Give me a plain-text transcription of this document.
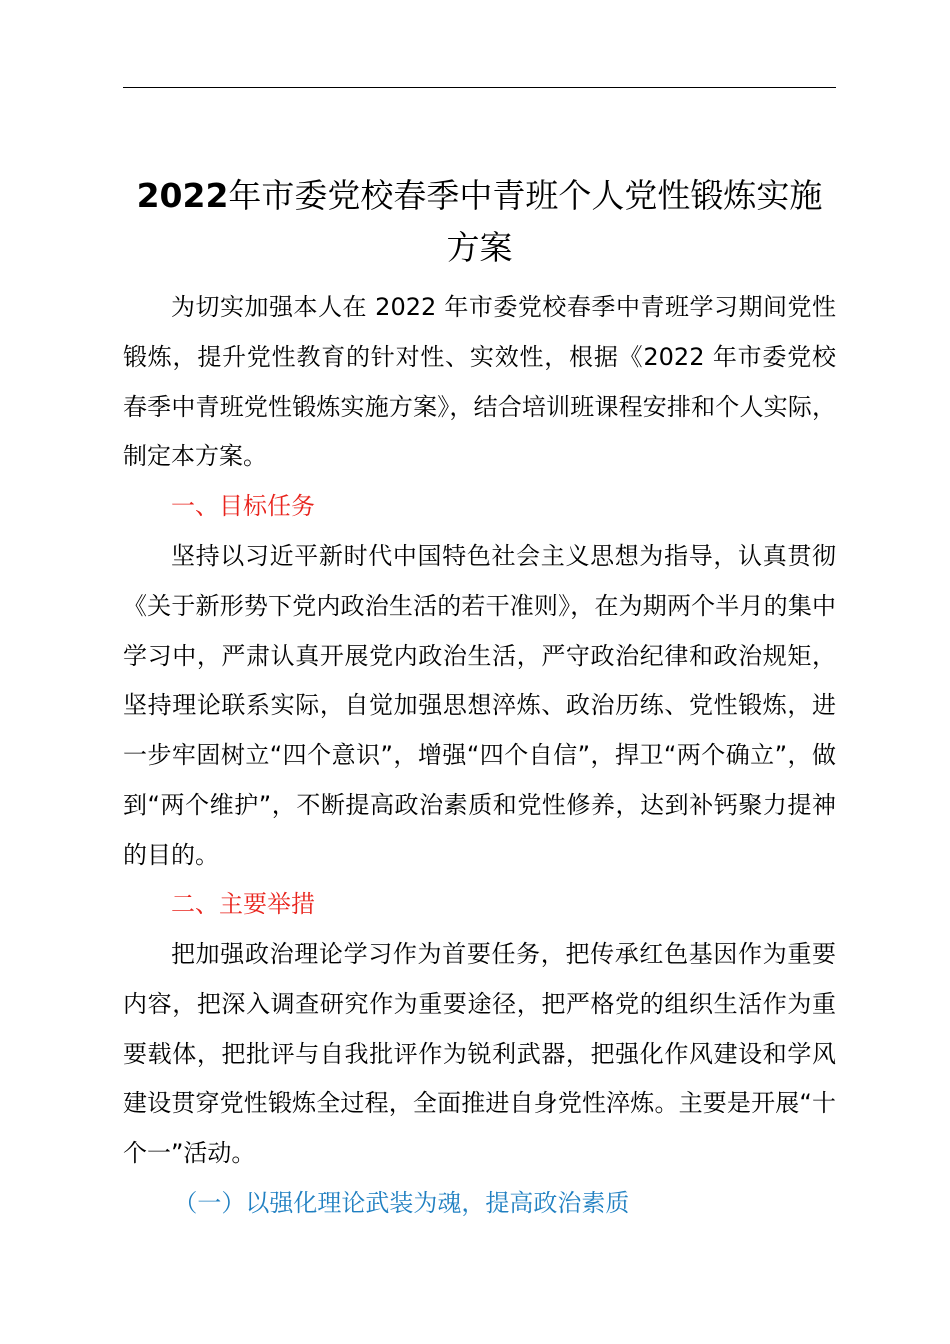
2022年市委党校春季中青班个人党性锻炼实施方案

为切实加强本人在 2022 年市委党校春季中青班学习期间党性锻炼，提升党性教育的针对性、实效性，根据《2022 年市委党校春季中青班党性锻炼实施方案》，结合培训班课程安排和个人实际，制定本方案。

一、目标任务

坚持以习近平新时代中国特色社会主义思想为指导，认真贯彻《关于新形势下党内政治生活的若干准则》，在为期两个半月的集中学习中，严肃认真开展党内政治生活，严守政治纪律和政治规矩，坚持理论联系实际，自觉加强思想淬炼、政治历练、党性锻炼，进一步牢固树立“四个意识”，增强“四个自信”，捍卫“两个确立”，做到“两个维护”，不断提高政治素质和党性修养，达到补钙聚力提神的目的。

二、主要举措

把加强政治理论学习作为首要任务，把传承红色基因作为重要内容，把深入调查研究作为重要途径，把严格党的组织生活作为重要载体，把批评与自我批评作为锐利武器，把强化作风建设和学风建设贯穿党性锻炼全过程，全面推进自身党性淬炼。主要是开展“十个一”活动。

（一）以强化理论武装为魂，提高政治素质
